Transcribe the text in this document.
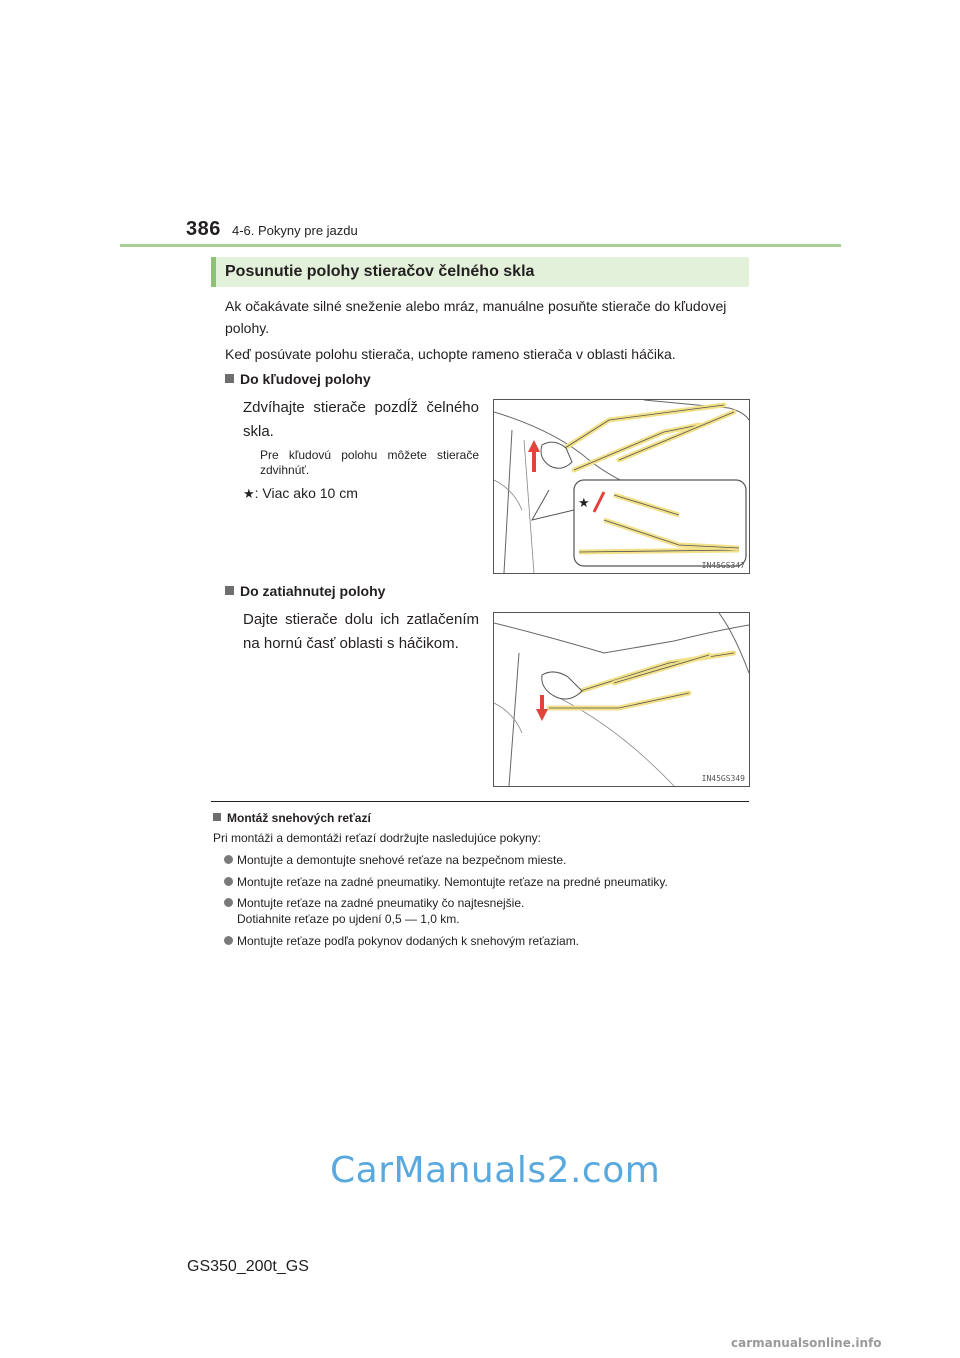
386 4-6. Pokyny pre jazdu
Posunutie polohy stieračov čelného skla
Ak očakávate silné sneženie alebo mráz, manuálne posuňte stierače do kľudovej
polohy.
Keď posúvate polohu stierača, uchopte rameno stierača v oblasti háčika.
Do kľudovej polohy
Zdvíhajte stierače pozdĺž čelného skla.
Pre kľudovú polohu môžete stierače zdvihnúť.
★: Viac ako 10 cm
★
IN45GS347
Do zatiahnutej polohy
Dajte stierače dolu ich zatlačením na hornú časť oblasti s háčikom.
IN45GS349
Montáž snehových reťazí
Pri montáži a demontáži reťazí dodržujte nasledujúce pokyny:
Montujte a demontujte snehové reťaze na bezpečnom mieste.
Montujte reťaze na zadné pneumatiky. Nemontujte reťaze na predné pneumatiky.
Montujte reťaze na zadné pneumatiky čo najtesnejšie.
Dotiahnite reťaze po ujdení 0,5 — 1,0 km.
Montujte reťaze podľa pokynov dodaných k snehovým reťaziam.
CarManuals2.com
GS350_200t_GS
carmanualsonline.info
